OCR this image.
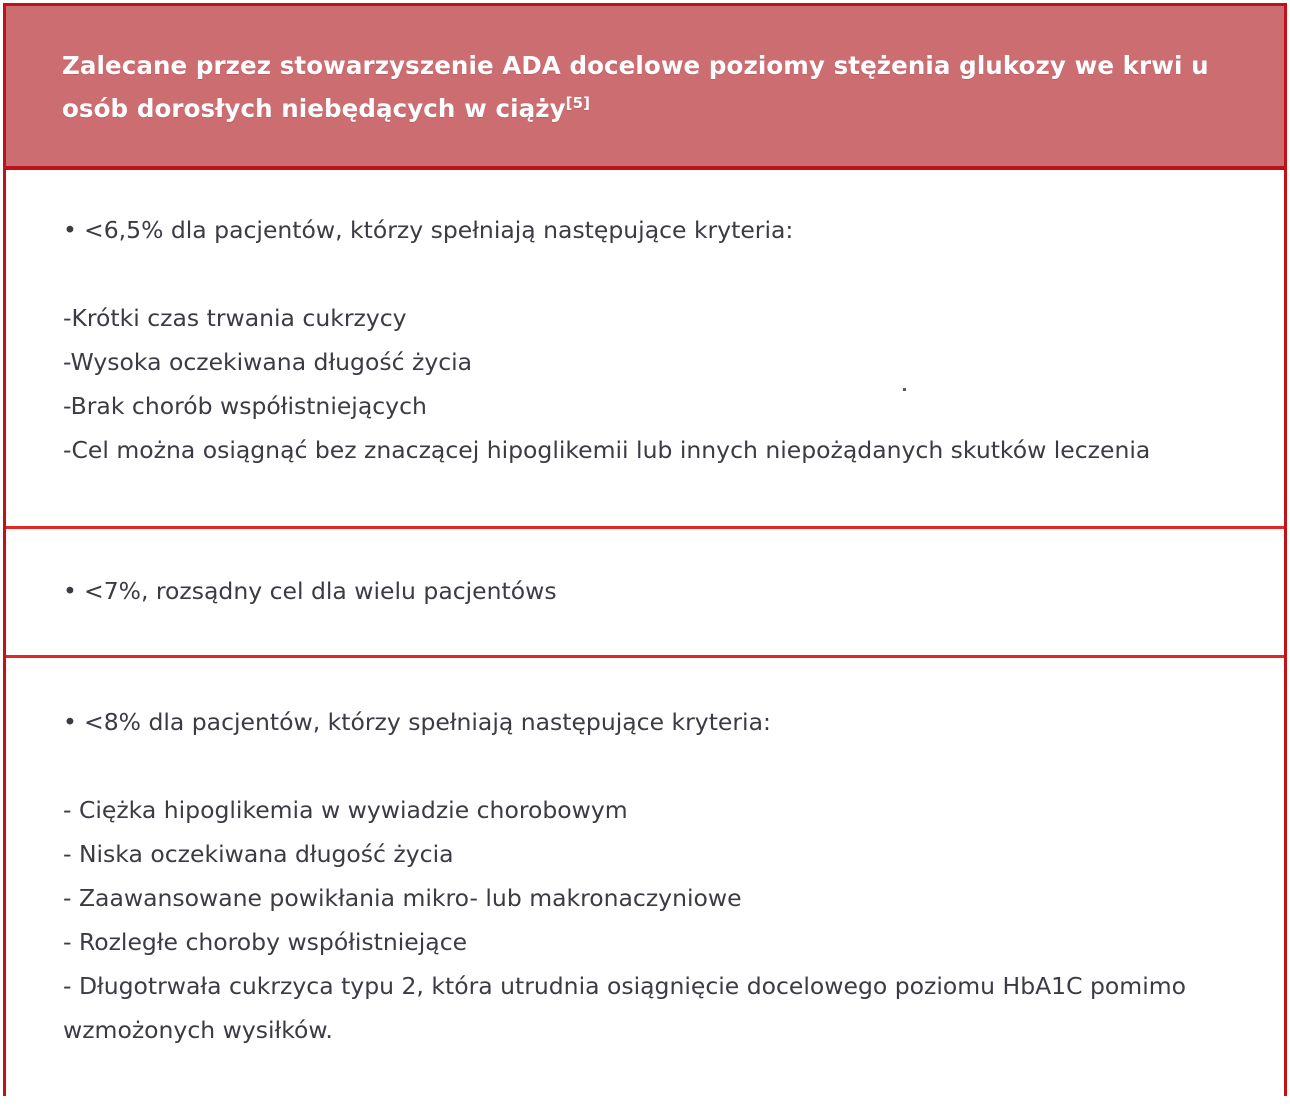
Zalecane przez stowarzyszenie ADA docelowe poziomy stężenia glukozy we krwi u osób dorosłych niebędących w ciąży[5]

• <6,5% dla pacjentów, którzy spełniają następujące kryteria:

-Krótki czas trwania cukrzycy

-Wysoka oczekiwana długość życia

-Brak chorób współistniejących

-Cel można osiągnąć bez znaczącej hipoglikemii lub innych niepożądanych skutków leczenia

• <7%, rozsądny cel dla wielu pacjentóws

• <8% dla pacjentów, którzy spełniają następujące kryteria:

- Ciężka hipoglikemia w wywiadzie chorobowym

- Niska oczekiwana długość życia

- Zaawansowane powikłania mikro- lub makronaczyniowe

- Rozległe choroby współistniejące

- Długotrwała cukrzyca typu 2, która utrudnia osiągnięcie docelowego poziomu HbA1C pomimo wzmożonych wysiłków.
